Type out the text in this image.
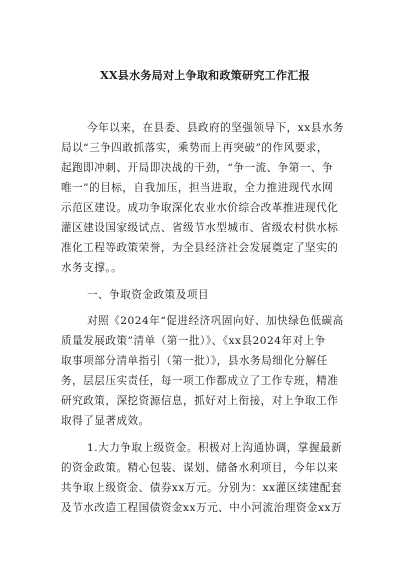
XX县水务局对上争取和政策研究工作汇报
今年以来，在县委、县政府的坚强领导下，xx县水务
局以“三争四敢抓落实，乘势而上再突破”的作风要求，
起跑即冲刺、开局即决战的干劲，“争一流、争第一、争
唯一”的目标，自我加压，担当进取，全力推进现代水网
示范区建设。成功争取深化农业水价综合改革推进现代化
灌区建设国家级试点、省级节水型城市、省级农村供水标
准化工程等政策荣誉，为全县经济社会发展奠定了坚实的
水务支撑。。
一、争取资金政策及项目
对照《2024年“促进经济巩固向好、加快绿色低碳高
质量发展政策”清单（第一批）》、《xx县2024年对上争
取事项部分清单指引（第一批）》，县水务局细化分解任
务，层层压实责任，每一项工作都成立了工作专班，精准
研究政策，深挖资源信息，抓好对上衔接，对上争取工作
取得了显著成效。
1.大力争取上级资金。积极对上沟通协调，掌握最新
的资金政策。精心包装、谋划、储备水利项目，今年以来
共争取上级资金、债券xx万元。分别为：xx灌区续建配套
及节水改造工程国债资金xx万元、中小河流治理资金xx万
